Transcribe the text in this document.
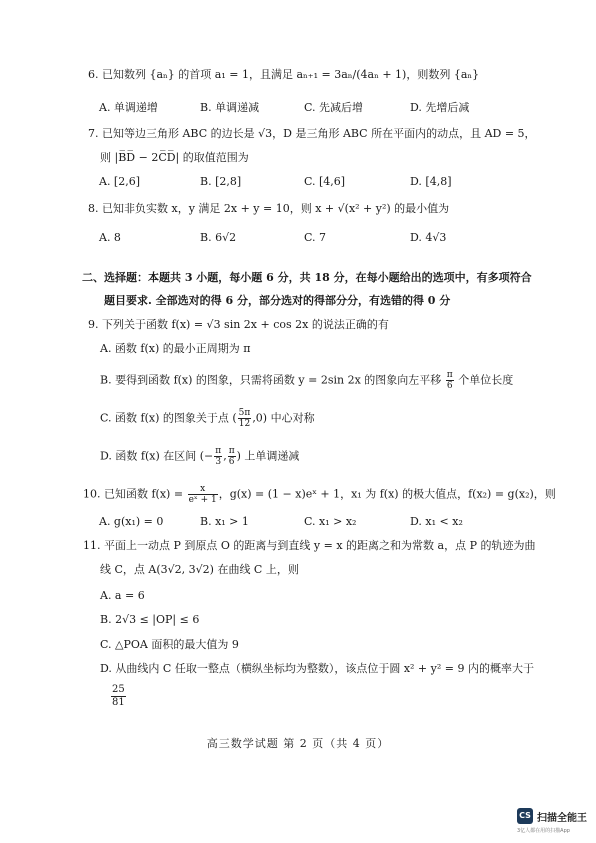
6. 已知数列 {aₙ} 的首项 a₁ = 1，且满足 aₙ₊₁ = 3aₙ/(4aₙ + 1)，则数列 {aₙ}
A. 单调递增	B. 单调递减	C. 先减后增	D. 先增后减
7. 已知等边三角形 ABC 的边长是 √3，D 是三角形 ABC 所在平面内的动点，且 AD = 5，
则 |B̅D̅ − 2C̅D̅| 的取值范围为
A. [2,6]	B. [2,8]	C. [4,6]	D. [4,8]
8. 已知非负实数 x，y 满足 2x + y = 10，则 x + √(x² + y²) 的最小值为
A. 8	B. 6√2	C. 7	D. 4√3
二、选择题：本题共 3 小题，每小题 6 分，共 18 分，在每小题给出的选项中，有多项符合
题目要求. 全部选对的得 6 分，部分选对的得部分分，有选错的得 0 分
9. 下列关于函数 f(x) = √3 sin 2x + cos 2x 的说法正确的有
A. 函数 f(x) 的最小正周期为 π
B. 要得到函数 f(x) 的图象，只需将函数 y = 2sin 2x 的图象向左平移 $\frac{\pi}{6}$ 个单位长度
C. 函数 f(x) 的图象关于点 ( $\frac{5\pi}{12} ,0$) 中心对称
D. 函数 f(x) 在区间 (− $\frac{\pi}{3}$ , $\frac{\pi}{6}$ ) 上单调递减
10. 已知函数 $f(x) = \frac{x}{\text{eˣ + 1}}$ ，g(x) = (1 − x)eˣ + 1，x₁ 为 f(x) 的极大值点，f(x₂) = g(x₂)，则
A. g(x₁) = 0	B. x₁ > 1	C. x₁ > x₂	D. x₁ < x₂
11. 平面上一动点 P 到原点 O 的距离与到直线 y = x 的距离之和为常数 a，点 P 的轨迹为曲
线 C，点 A(3√2, 3√2) 在曲线 C 上，则
A. a = 6
B. 2√3 ≤ |OP| ≤ 6
C. △POA 面积的最大值为 9
D. 从曲线内 C 任取一整点（横纵坐标均为整数），该点位于圆 x² + y² = 9 内的概率大于
$\frac{25}{81}$
高三数学试题 第 2 页（共 4 页）
CS 扫描全能王
3亿人都在用的扫描App
